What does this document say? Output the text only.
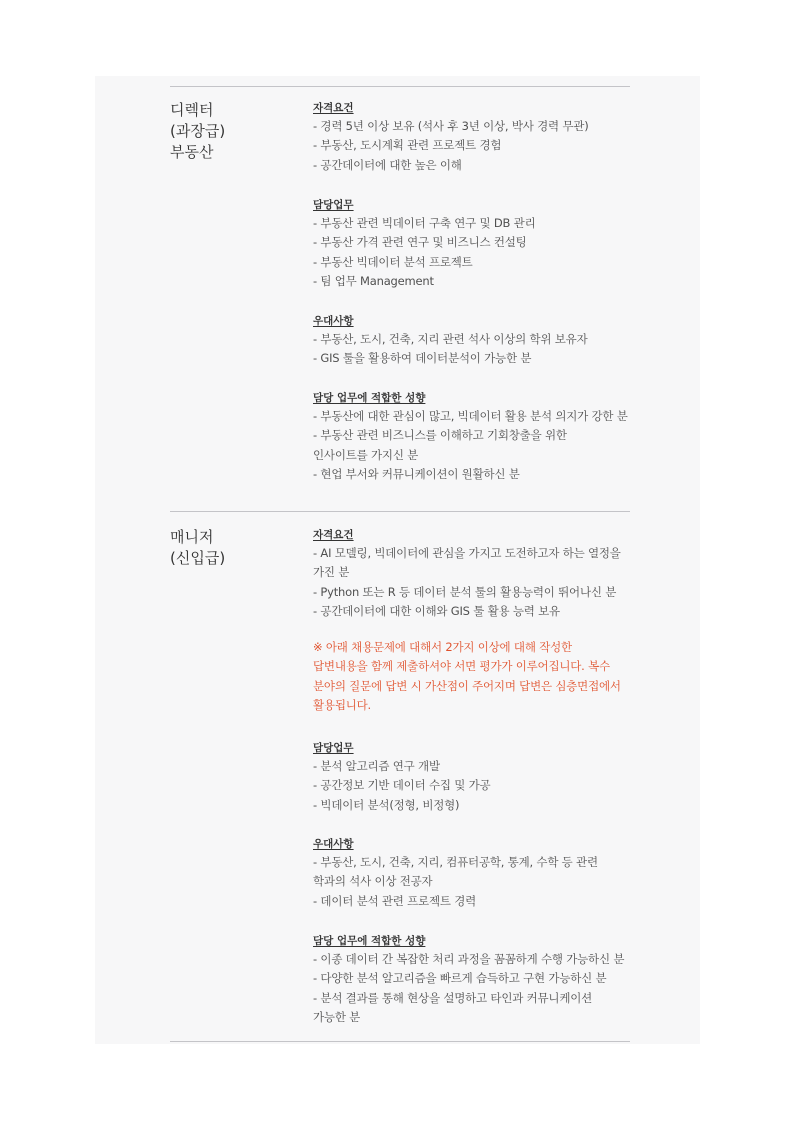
디렉터
(과장급)
부동산
자격요건
- 경력 5년 이상 보유 (석사 후 3년 이상, 박사 경력 무관)
- 부동산, 도시계획 관련 프로젝트 경험
- 공간데이터에 대한 높은 이해
담당업무
- 부동산 관련 빅데이터 구축 연구 및 DB 관리
- 부동산 가격 관련 연구 및 비즈니스 컨설팅
- 부동산 빅데이터 분석 프로젝트
- 팀 업무 Management
우대사항
- 부동산, 도시, 건축, 지리 관련 석사 이상의 학위 보유자
- GIS 툴을 활용하여 데이터분석이 가능한 분
담당 업무에 적합한 성향
- 부동산에 대한 관심이 많고, 빅데이터 활용 분석 의지가 강한 분
- 부동산 관련 비즈니스를 이해하고 기회창출을 위한
인사이트를 가지신 분
- 현업 부서와 커뮤니케이션이 원활하신 분
매니저
(신입급)
자격요건
- AI 모델링, 빅데이터에 관심을 가지고 도전하고자 하는 열정을
가진 분
- Python 또는 R 등 데이터 분석 툴의 활용능력이 뛰어나신 분
- 공간데이터에 대한 이해와 GIS 툴 활용 능력 보유
※ 아래 채용문제에 대해서 2가지 이상에 대해 작성한
답변내용을 함께 제출하셔야 서면 평가가 이루어집니다. 복수
분야의 질문에 답변 시 가산점이 주어지며 답변은 심층면접에서
활용됩니다.
담당업무
- 분석 알고리즘 연구 개발
- 공간정보 기반 데이터 수집 및 가공
- 빅데이터 분석(정형, 비정형)
우대사항
- 부동산, 도시, 건축, 지리, 컴퓨터공학, 통계, 수학 등 관련
학과의 석사 이상 전공자
- 데이터 분석 관련 프로젝트 경력
담당 업무에 적합한 성향
- 이종 데이터 간 복잡한 처리 과정을 꼼꼼하게 수행 가능하신 분
- 다양한 분석 알고리즘을 빠르게 습득하고 구현 가능하신 분
- 분석 결과를 통해 현상을 설명하고 타인과 커뮤니케이션
가능한 분
